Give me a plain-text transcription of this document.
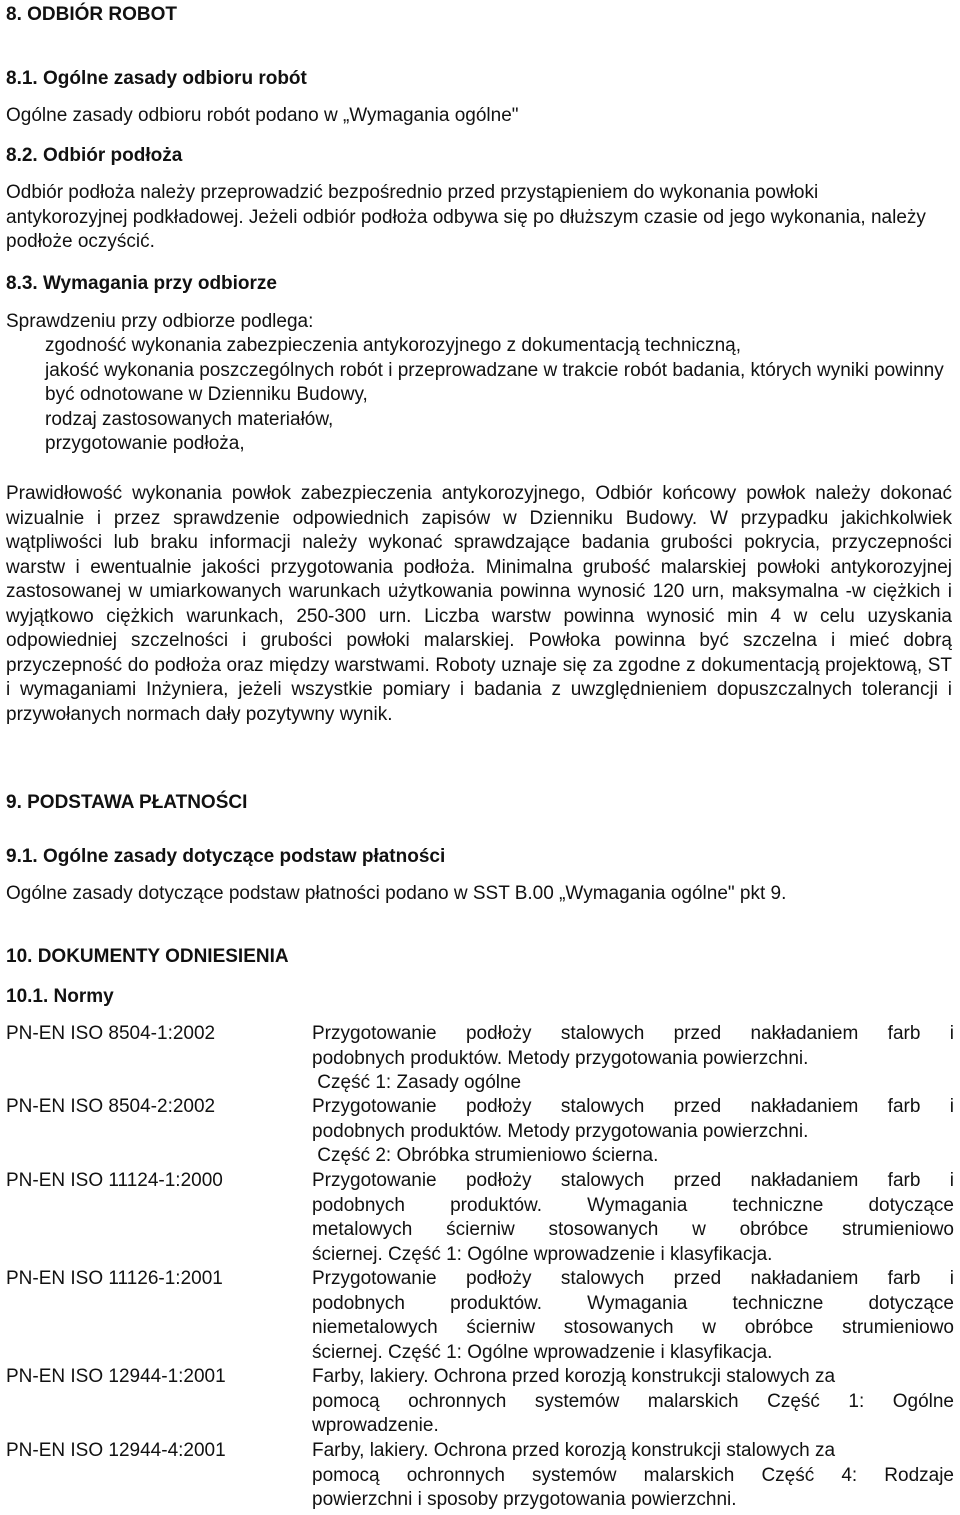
8. ODBIÓR ROBOT
8.1. Ogólne zasady odbioru robót
Ogólne zasady odbioru robót podano w „Wymagania ogólne"
8.2. Odbiór podłoża
Odbiór podłoża należy przeprowadzić bezpośrednio przed przystąpieniem do wykonania powłoki antykorozyjnej podkładowej. Jeżeli odbiór podłoża odbywa się po dłuższym czasie od jego wykonania, należy podłoże oczyścić.
8.3. Wymagania przy odbiorze
Sprawdzeniu przy odbiorze podlega:
zgodność wykonania zabezpieczenia antykorozyjnego z dokumentacją techniczną,
jakość wykonania poszczególnych robót i przeprowadzane w trakcie robót badania, których wyniki powinny być odnotowane w Dzienniku Budowy,
rodzaj zastosowanych materiałów,
przygotowanie podłoża,
Prawidłowość wykonania powłok zabezpieczenia antykorozyjnego, Odbiór końcowy powłok należy dokonać wizualnie i przez sprawdzenie odpowiednich zapisów w Dzienniku Budowy. W przypadku jakichkolwiek wątpliwości lub braku informacji należy wykonać sprawdzające badania grubości pokrycia, przyczepności warstw i ewentualnie jakości przygotowania podłoża. Minimalna grubość malarskiej powłoki antykorozyjnej zastosowanej w umiarkowanych warunkach użytkowania powinna wynosić 120 urn, maksymalna -w ciężkich i wyjątkowo ciężkich warunkach, 250-300 urn. Liczba warstw powinna wynosić min 4 w celu uzyskania odpowiedniej szczelności i grubości powłoki malarskiej. Powłoka powinna być szczelna i mieć dobrą przyczepność do podłoża oraz między warstwami. Roboty uznaje się za zgodne z dokumentacją projektową, ST i wymaganiami Inżyniera, jeżeli wszystkie pomiary i badania z uwzględnieniem dopuszczalnych tolerancji i przywołanych normach dały pozytywny wynik.
9. PODSTAWA PŁATNOŚCI
9.1. Ogólne zasady dotyczące podstaw płatności
Ogólne zasady dotyczące podstaw płatności podano w SST B.00 „Wymagania ogólne" pkt 9.
10. DOKUMENTY ODNIESIENIA
10.1. Normy
PN-EN ISO 8504-1:2002	Przygotowanie podłoży stalowych przed nakładaniem farb i
podobnych produktów. Metody przygotowania powierzchni.
Część 1: Zasady ogólne
PN-EN ISO 8504-2:2002	Przygotowanie podłoży stalowych przed nakładaniem farb i
podobnych produktów. Metody przygotowania powierzchni.
Część 2: Obróbka strumieniowo ścierna.
PN-EN ISO 11124-1:2000	Przygotowanie podłoży stalowych przed nakładaniem farb i
podobnych produktów. Wymagania techniczne dotyczące
metalowych ścierniw stosowanych w obróbce strumieniowo
ściernej. Część 1: Ogólne wprowadzenie i klasyfikacja.
PN-EN ISO 11126-1:2001	Przygotowanie podłoży stalowych przed nakładaniem farb i
podobnych produktów. Wymagania techniczne dotyczące
niemetalowych ścierniw stosowanych w obróbce strumieniowo
ściernej. Część 1: Ogólne wprowadzenie i klasyfikacja.
PN-EN ISO 12944-1:2001	Farby, lakiery. Ochrona przed korozją konstrukcji stalowych za
pomocą ochronnych systemów malarskich Część 1: Ogólne
wprowadzenie.
PN-EN ISO 12944-4:2001	Farby, lakiery. Ochrona przed korozją konstrukcji stalowych za
pomocą ochronnych systemów malarskich Część 4: Rodzaje
powierzchni i sposoby przygotowania powierzchni.
